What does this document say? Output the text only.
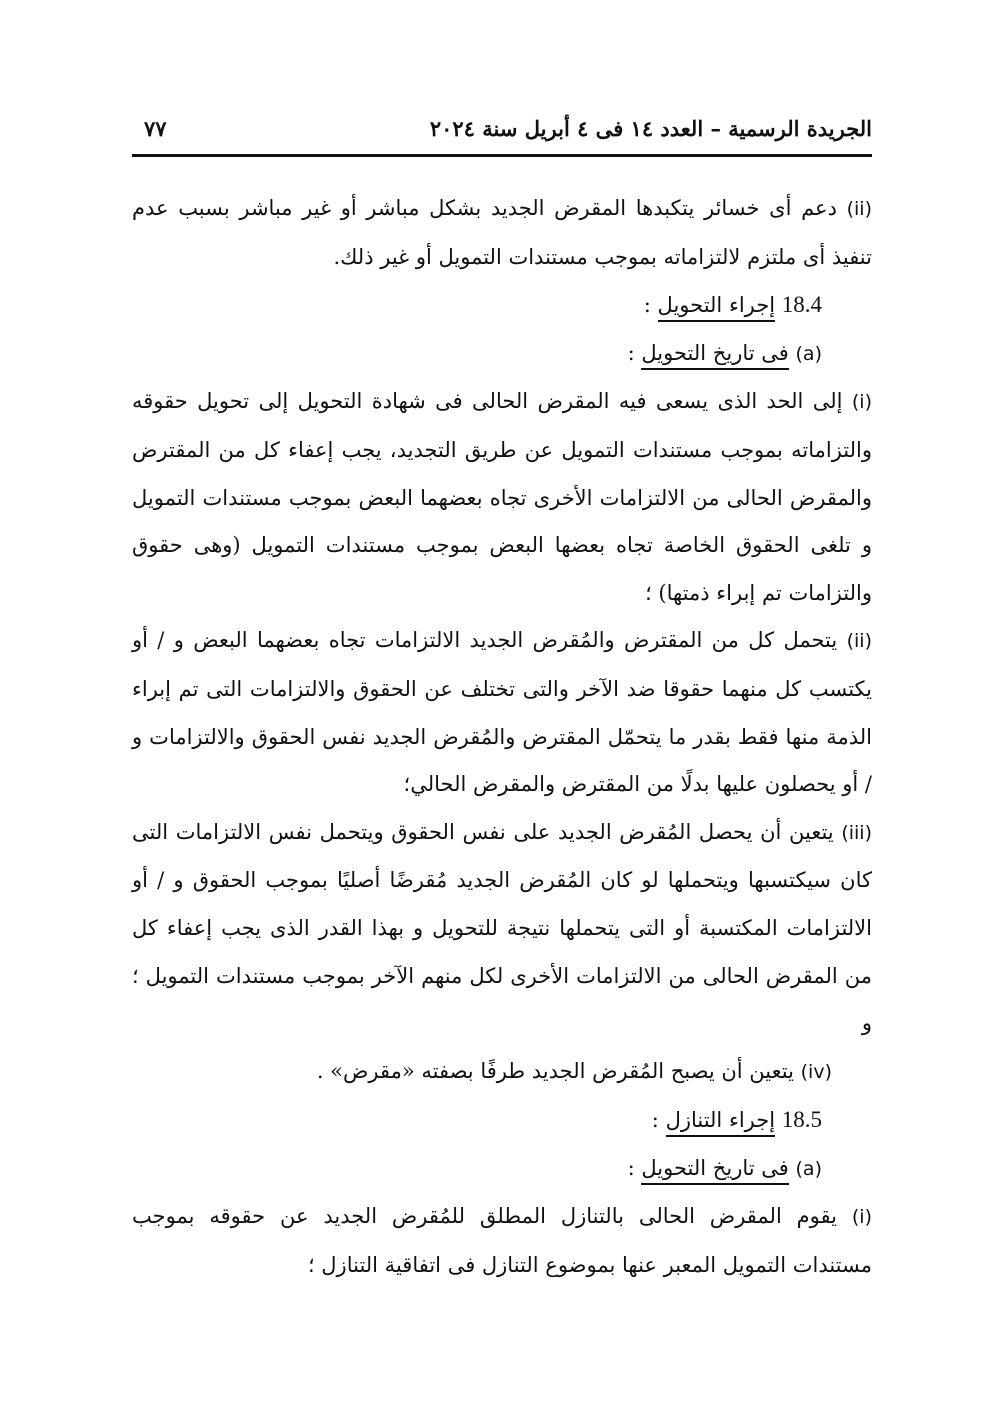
الجريدة الرسمية – العدد ١٤ فى ٤ أبريل سنة ٢٠٢٤
٧٧

(ii) دعم أى خسائر يتكبدها المقرض الجديد بشكل مباشر أو غير مباشر بسبب عدم تنفيذ أى ملتزم لالتزاماته بموجب مستندات التمويل أو غير ذلك.

18.4 إجراء التحويل :

(a) فى تاريخ التحويل :

(i) إلى الحد الذى يسعى فيه المقرض الحالى فى شهادة التحويل إلى تحويل حقوقه والتزاماته بموجب مستندات التمويل عن طريق التجديد، يجب إعفاء كل من المقترض والمقرض الحالى من الالتزامات الأخرى تجاه بعضهما البعض بموجب مستندات التمويل و تلغى الحقوق الخاصة تجاه بعضها البعض بموجب مستندات التمويل (وهى حقوق والتزامات تم إبراء ذمتها) ؛

(ii) يتحمل كل من المقترض والمُقرض الجديد الالتزامات تجاه بعضهما البعض و / أو يكتسب كل منهما حقوقا ضد الآخر والتى تختلف عن الحقوق والالتزامات التى تم إبراء الذمة منها فقط بقدر ما يتحمّل المقترض والمُقرض الجديد نفس الحقوق والالتزامات و / أو يحصلون عليها بدلًا من المقترض والمقرض الحالي؛

(iii) يتعين أن يحصل المُقرض الجديد على نفس الحقوق ويتحمل نفس الالتزامات التى كان سيكتسبها ويتحملها لو كان المُقرض الجديد مُقرضًا أصليًا بموجب الحقوق و / أو الالتزامات المكتسبة أو التى يتحملها نتيجة للتحويل و بهذا القدر الذى يجب إعفاء كل من المقرض الحالى من الالتزامات الأخرى لكل منهم الآخر بموجب مستندات التمويل ؛ و

(iv) يتعين أن يصبح المُقرض الجديد طرفًا بصفته «مقرض» .

18.5 إجراء التنازل :

(a) فى تاريخ التحويل :

(i) يقوم المقرض الحالى بالتنازل المطلق للمُقرض الجديد عن حقوقه بموجب مستندات التمويل المعبر عنها بموضوع التنازل فى اتفاقية التنازل ؛
